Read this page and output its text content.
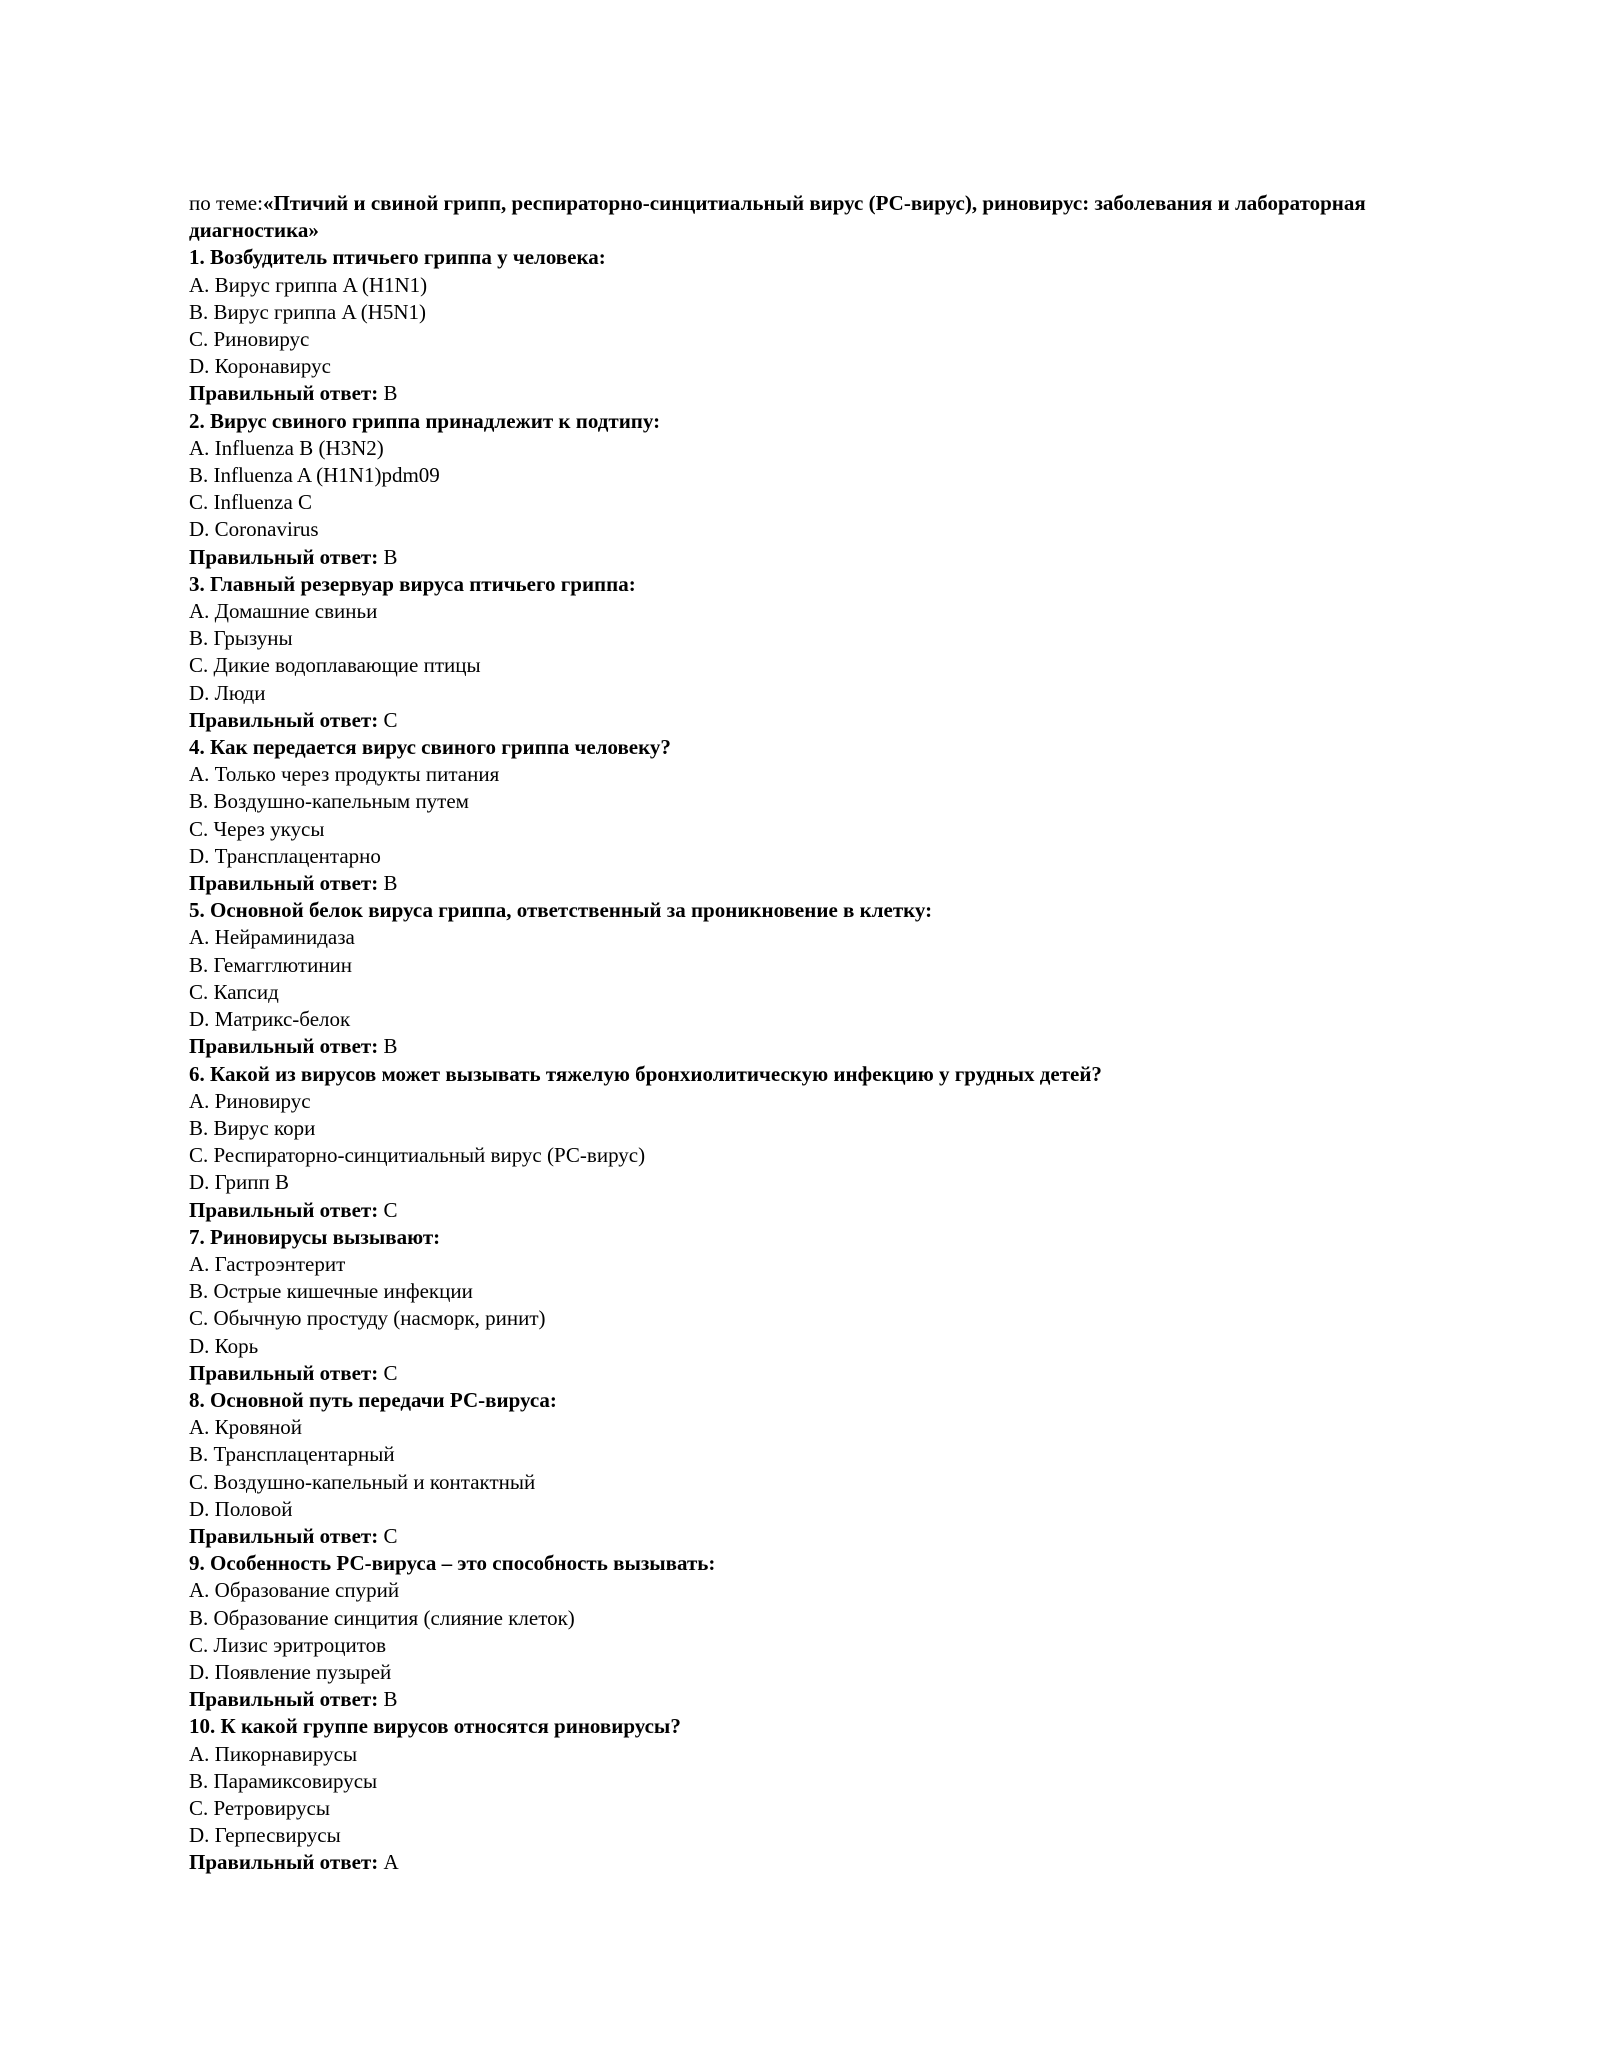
по теме:«Птичий и свиной грипп, респираторно-синцитиальный вирус (РС-вирус), риновирус: заболевания и лабораторная диагностика»
1. Возбудитель птичьего гриппа у человека:
A. Вирус гриппа A (H1N1)
B. Вирус гриппа A (H5N1)
C. Риновирус
D. Коронавирус
Правильный ответ: B
2. Вирус свиного гриппа принадлежит к подтипу:
A. Influenza B (H3N2)
B. Influenza A (H1N1)pdm09
C. Influenza C
D. Coronavirus
Правильный ответ: B
3. Главный резервуар вируса птичьего гриппа:
A. Домашние свиньи
B. Грызуны
C. Дикие водоплавающие птицы
D. Люди
Правильный ответ: C
4. Как передается вирус свиного гриппа человеку?
A. Только через продукты питания
B. Воздушно-капельным путем
C. Через укусы
D. Трансплацентарно
Правильный ответ: B
5. Основной белок вируса гриппа, ответственный за проникновение в клетку:
A. Нейраминидаза
B. Гемагглютинин
C. Капсид
D. Матрикс-белок
Правильный ответ: B
6. Какой из вирусов может вызывать тяжелую бронхиолитическую инфекцию у грудных детей?
A. Риновирус
B. Вирус кори
C. Респираторно-синцитиальный вирус (РС-вирус)
D. Грипп B
Правильный ответ: C
7. Риновирусы вызывают:
A. Гастроэнтерит
B. Острые кишечные инфекции
C. Обычную простуду (насморк, ринит)
D. Корь
Правильный ответ: C
8. Основной путь передачи РС-вируса:
A. Кровяной
B. Трансплацентарный
C. Воздушно-капельный и контактный
D. Половой
Правильный ответ: C
9. Особенность РС-вируса – это способность вызывать:
A. Образование спурий
B. Образование синцития (слияние клеток)
C. Лизис эритроцитов
D. Появление пузырей
Правильный ответ: B
10. К какой группе вирусов относятся риновирусы?
A. Пикорнавирусы
B. Парамиксовирусы
C. Ретровирусы
D. Герпесвирусы
Правильный ответ: A
